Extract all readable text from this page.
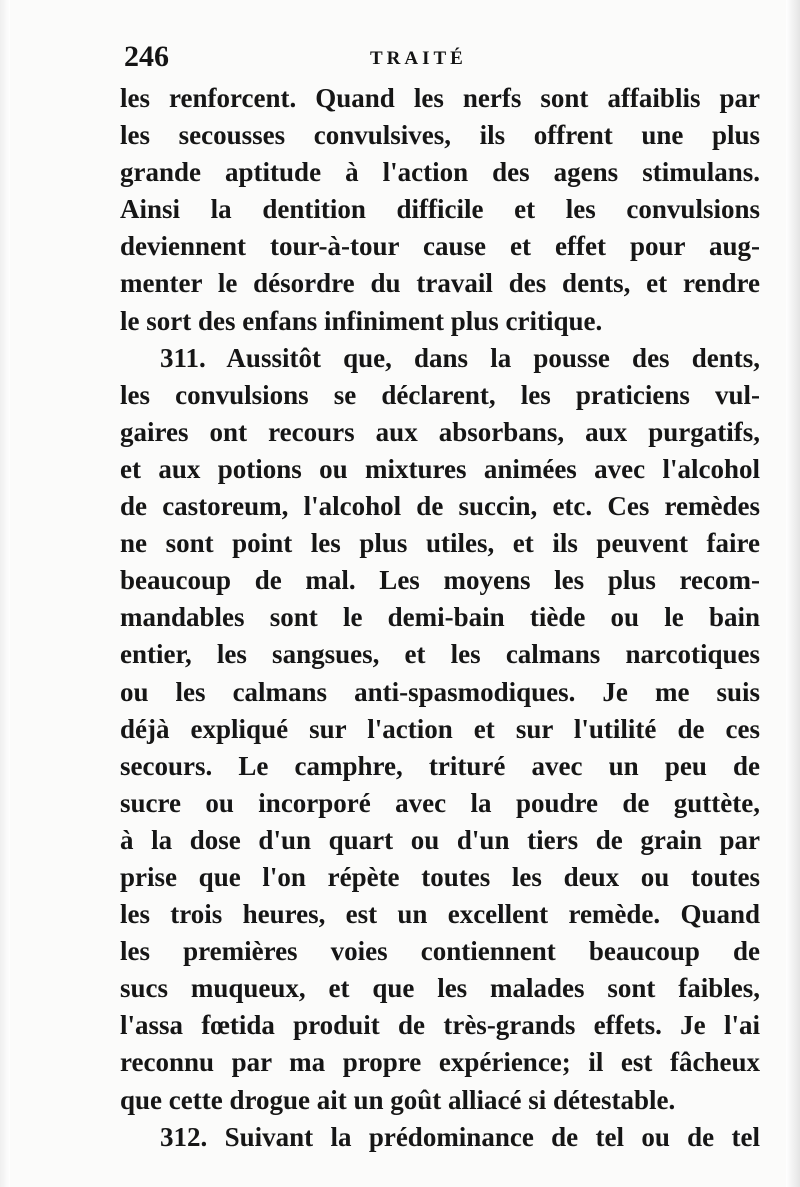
246	TRAITÉ
les renforcent. Quand les nerfs sont affaiblis par
les secousses convulsives, ils offrent une plus
grande aptitude à l'action des agens stimulans.
Ainsi la dentition difficile et les convulsions
deviennent tour-à-tour cause et effet pour aug-
menter le désordre du travail des dents, et rendre
le sort des enfans infiniment plus critique.
311. Aussitôt que, dans la pousse des dents,
les convulsions se déclarent, les praticiens vul-
gaires ont recours aux absorbans, aux purgatifs,
et aux potions ou mixtures animées avec l'alcohol
de castoreum, l'alcohol de succin, etc. Ces remèdes
ne sont point les plus utiles, et ils peuvent faire
beaucoup de mal. Les moyens les plus recom-
mandables sont le demi-bain tiède ou le bain
entier, les sangsues, et les calmans narcotiques
ou les calmans anti-spasmodiques. Je me suis
déjà expliqué sur l'action et sur l'utilité de ces
secours. Le camphre, trituré avec un peu de
sucre ou incorporé avec la poudre de guttète,
à la dose d'un quart ou d'un tiers de grain par
prise que l'on répète toutes les deux ou toutes
les trois heures, est un excellent remède. Quand
les premières voies contiennent beaucoup de
sucs muqueux, et que les malades sont faibles,
l'assa fœtida produit de très-grands effets. Je l'ai
reconnu par ma propre expérience; il est fâcheux
que cette drogue ait un goût alliacé si détestable.
312. Suivant la prédominance de tel ou de tel
